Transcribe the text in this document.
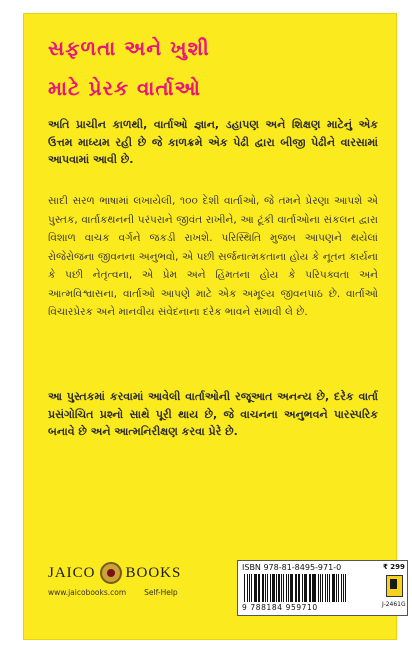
સફળતા અને ખુશી
માટે પ્રેરક વાર્તાઓ
અતિ પ્રાચીન કાળથી, વાર્તાઓ જ્ઞાન, ડહાપણ અને શિક્ષણ માટેનું એક ઉત્તમ માધ્યમ રહી છે જે કાળક્રમે એક પેઢી દ્વારા બીજી પેઢીને વારસામાં આપવામાં આવી છે.
સાદી સરળ ભાષામાં લખાયેલી, ૧૦૦ દેશી વાર્તાઓ, જે તમને પ્રેરણા આપશે એ પુસ્તક, વાર્તાકથનની પરંપરાને જીવંત રાખીને, આ ટૂંકી વાર્તાઓના સંકલન દ્વારા વિશાળ વાચક વર્ગને જકડી રાખશે. પરિસ્થિતિ મુજબ આપણને થયેલાં રોજેરોજના જીવનના અનુભવો, એ પછી સર્જનાત્મકતાના હોય કે નૂતન કાર્યના કે પછી નેતૃત્વના, એ પ્રેમ અને હિંમતના હોય કે પરિપક્વતા અને આત્મવિશ્વાસના, વાર્તાઓ આપણે માટે એક અમૂલ્ય જીવનપાઠ છે. વાર્તાઓ વિચારપ્રેરક અને માનવીય સંવેદનાના દરેક ભાવને સમાવી લે છે.
આ પુસ્તકમાં કરવામાં આવેલી વાર્તાઓની રજૂઆત અનન્ય છે, દરેક વાર્તા પ્રસંગોચિત પ્રશ્નો સાથે પૂરી થાય છે, જે વાચનના અનુભવને પારસ્પરિક બનાવે છે અને આત્મનિરીક્ષણ કરવા પ્રેરે છે.
JAICO BOOKS
www.jaicobooks.com Self-Help
ISBN 978-81-8495-971-0
9 788184 959710
₹ 299
J-2461G
